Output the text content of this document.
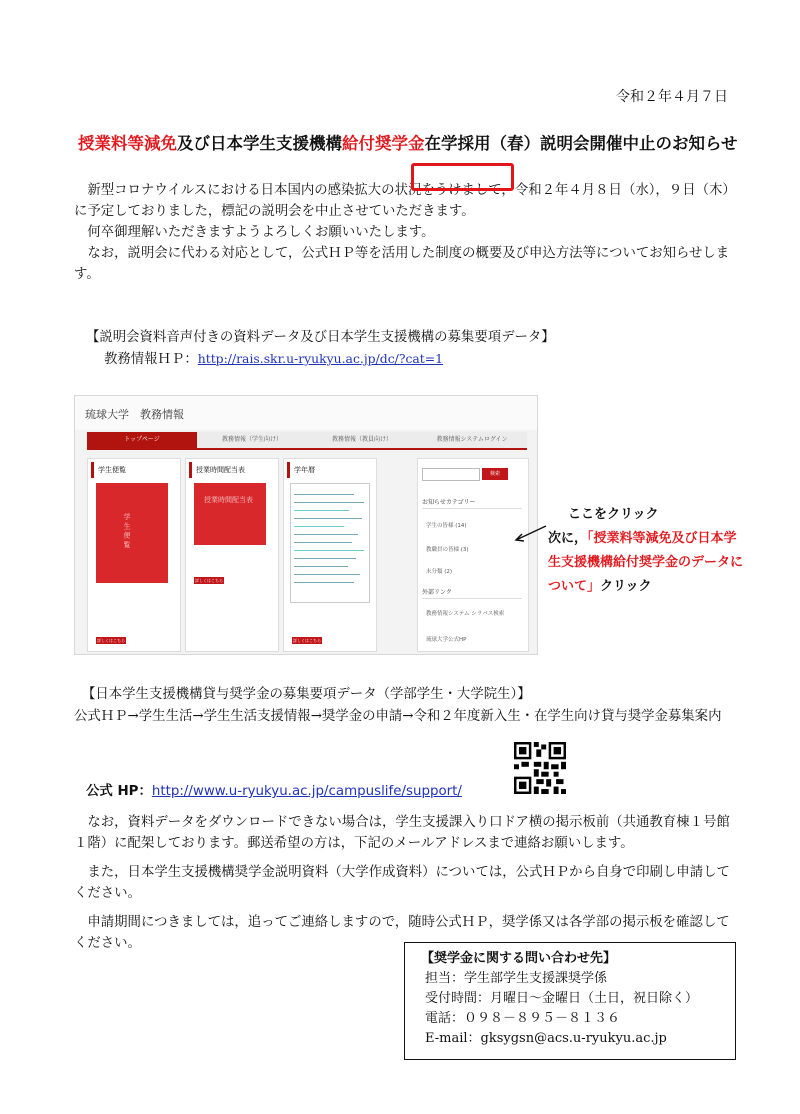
令和２年４月７日
授業料等減免及び日本学生支援機構給付奨学金在学採用（春）説明会開催中止のお知らせ

新型コロナウイルスにおける日本国内の感染拡大の状況をうけまして，令和２年４月８日（水），９日（木）に予定しておりました，標記の説明会を中止させていただきます。

何卒御理解いただきますようよろしくお願いいたします。

なお，説明会に代わる対応として，公式ＨＰ等を活用した制度の概要及び申込方法等についてお知らせします。

【説明会資料音声付きの資料データ及び日本学生支援機構の募集要項データ】
教務情報ＨＰ：http://rais.skr.u-ryukyu.ac.jp/dc/?cat=1
琉球大学　教務情報
トップページ	教務情報（学生向け）	教務情報（教員向け）	教務情報システムログイン
学生便覧
学 生 便 覧

詳しくはこちら
授業時間配当表
授業時間配当表
詳しくはこちら
学年暦
詳しくはこちら
検索
お知らせカテゴリー
学生の皆様 (14)
教職員の皆様 (3)
未分類 (2)
外部リンク
教務情報システム シラバス検索
琉球大学公式HP
ここをクリック
次に，「授業料等減免及び日本学生支援機構給付奨学金のデータについて」クリック
【日本学生支援機構貸与奨学金の募集要項データ（学部学生・大学院生）】
公式ＨＰ→学生生活→学生生活支援情報→奨学金の申請→令和２年度新入生・在学生向け貸与奨学金募集案内
公式 HP：http://www.u-ryukyu.ac.jp/campuslife/support/

なお，資料データをダウンロードできない場合は，学生支援課入り口ドア横の掲示板前（共通教育棟１号館１階）に配架しております。郵送希望の方は，下記のメールアドレスまで連絡お願いします。

また，日本学生支援機構奨学金説明資料（大学作成資料）については，公式ＨＰから自身で印刷し申請してください。

申請期間につきましては，追ってご連絡しますので，随時公式ＨＰ，奨学係又は各学部の掲示板を確認してください。

【奨学金に関する問い合わせ先】
担当：学生部学生支援課奨学係
受付時間：月曜日～金曜日（土日，祝日除く）
電話：０９８－８９５－８１３６
E-mail：gksygsn@acs.u-ryukyu.ac.jp
